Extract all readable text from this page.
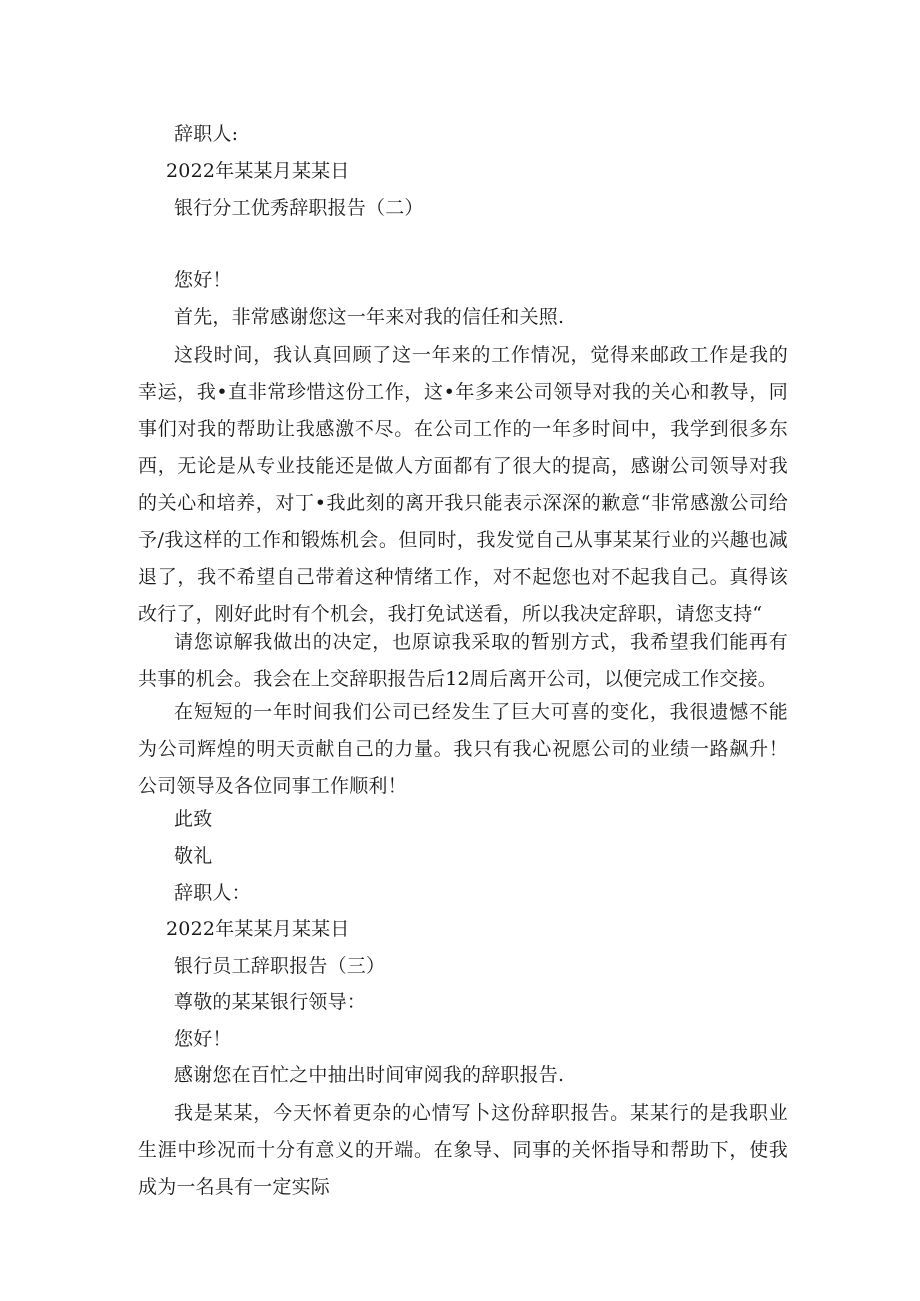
辞职人:
2022年某某月某某日
银行分工优秀辞职报告（二）
您好！
首先，非常感谢您这一年来对我的信任和关照.
这段时间，我认真回顾了这一年来的工作情况，觉得来邮政工作是我的幸运，我•直非常珍惜这份工作，这•年多来公司领导对我的关心和教导，同事们对我的帮助让我感激不尽。在公司工作的一年多时间中，我学到很多东西，无论是从专业技能还是做人方面都有了很大的提高，感谢公司领导对我的关心和培养，对丁•我此刻的离开我只能表示深深的歉意“非常感激公司给予/我这样的工作和锻炼机会。但同时，我发觉自己从事某某行业的兴趣也减退了，我不希望自己带着这种情绪工作，对不起您也对不起我自己。真得该改行了，刚好此时有个机会，我打免试送看，所以我决定辞职，请您支持“
请您谅解我做出的决定，也原谅我采取的暂别方式，我希望我们能再有共事的机会。我会在上交辞职报告后12周后离开公司，以便完成工作交接。
在短短的一年时间我们公司已经发生了巨大可喜的变化，我很遗憾不能为公司辉煌的明天贡献自己的力量。我只有我心祝愿公司的业绩一路飙升！公司领导及各位同事工作顺利！
此致
敬礼
辞职人：
2022年某某月某某日
银行员工辞职报告（三）
尊敬的某某银行领导：
您好！
感谢您在百忙之中抽出时间审阅我的辞职报告.
我是某某，今天怀着更杂的心情写卜这份辞职报告。某某行的是我职业生涯中珍况而十分有意义的开端。在象导、同事的关怀指导和帮助下，使我成为一名具有一定实际
